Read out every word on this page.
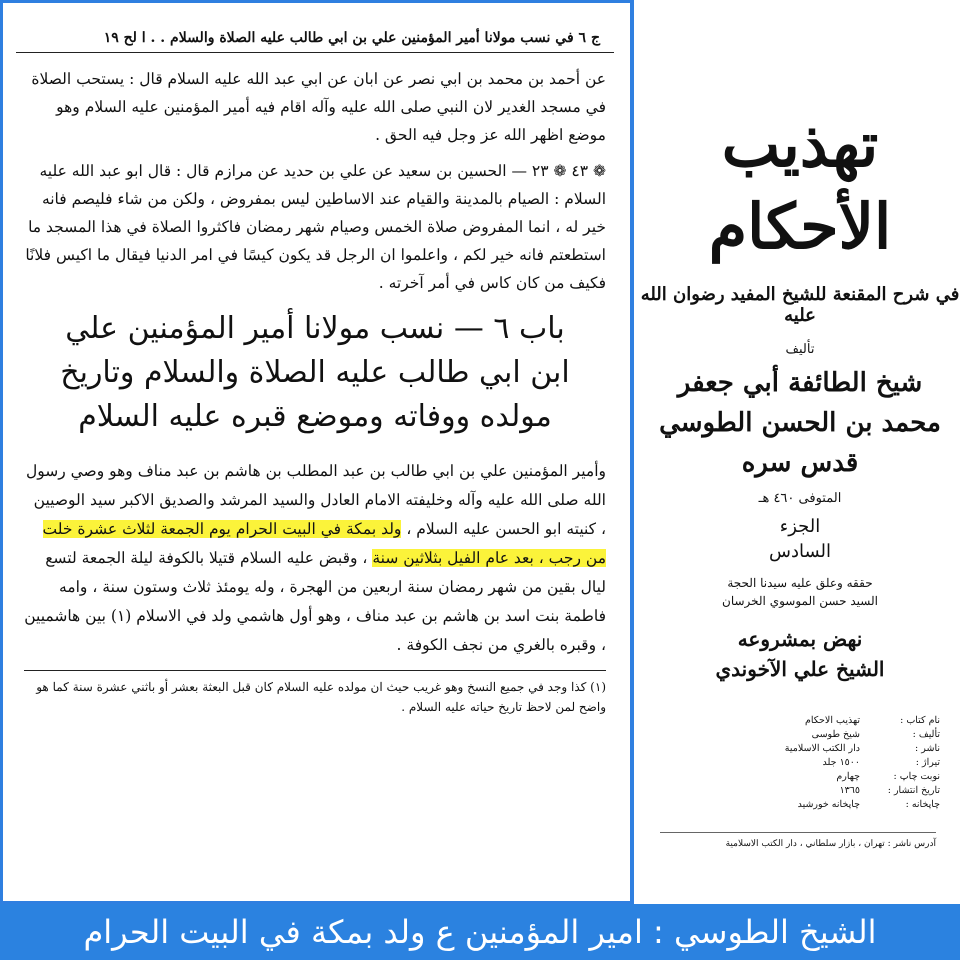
ج ٦ في نسب مولانا أمير المؤمنين علي بن ابي طالب عليه الصلاة والسلام . . ا لح ١٩
عن أحمد بن محمد بن ابي نصر عن ابان عن ابي عبد الله عليه السلام قال : يستحب الصلاة في مسجد الغدير لان النبي صلى الله عليه وآله اقام فيه أمير المؤمنين عليه السلام وهو موضع اظهر الله عز وجل فيه الحق .
❁ ٤٣ ❁ ٢٣ — الحسين بن سعيد عن علي بن حديد عن مرازم قال : قال ابو عبد الله عليه السلام : الصيام بالمدينة والقيام عند الاساطين ليس بمفروض ، ولكن من شاء فليصم فانه خير له ، انما المفروض صلاة الخمس وصيام شهر رمضان فاكثروا الصلاة في هذا المسجد ما استطعتم فانه خير لكم ، واعلموا ان الرجل قد يكون كيسًا في امر الدنيا فيقال ما اكيس فلانًا فكيف من كان كاس في أمر آخرته .
باب ٦ — نسب مولانا أمير المؤمنين علي ابن ابي طالب عليه الصلاة والسلام وتاريخ مولده ووفاته وموضع قبره عليه السلام
وأمير المؤمنين علي بن ابي طالب بن عبد المطلب بن هاشم بن عبد مناف وهو وصي رسول الله صلى الله عليه وآله وخليفته الامام العادل والسيد المرشد والصديق الاكبر سيد الوصيين ، كنيته ابو الحسن عليه السلام ، ولد بمكة في البيت الحرام يوم الجمعة لثلاث عشرة خلت من رجب ، بعد عام الفيل بثلاثين سنة ، وقبض عليه السلام قتيلا بالكوفة ليلة الجمعة لتسع ليال بقين من شهر رمضان سنة اربعين من الهجرة ، وله يومئذ ثلاث وستون سنة ، وامه فاطمة بنت اسد بن هاشم بن عبد مناف ، وهو أول هاشمي ولد في الاسلام (١) بين هاشميين ، وقبره بالغري من نجف الكوفة .
(١) كذا وجد في جميع النسخ وهو غريب حيث ان مولده عليه السلام كان قبل البعثة بعشر أو باثني عشرة سنة كما هو واضح لمن لاحظ تاريخ حياته عليه السلام .
تهذيب الأحكام
في شرح المقنعة للشيخ المفيد رضوان الله عليه
تأليف
شيخ الطائفة أبي جعفر محمد بن الحسن الطوسي قدس سره
المتوفى ٤٦٠ هـ
الجزء
السادس
حققه وعلق عليه سيدنا الحجة
السيد حسن الموسوي الخرسان
نهض بمشروعه
الشيخ علي الآخوندي
نام كتاب :
تهذيب الاحكام
تأليف :
شيخ طوسى
ناشر :
دار الكتب الاسلامية
تيراژ :
١٥٠٠ جلد
نوبت چاپ :
چهارم
تاريخ انتشار :
١٣٦٥
چاپخانه :
چاپخانه خورشيد
آدرس ناشر : تهران ، بازار سلطاني ، دار الكتب الاسلامية
الشيخ الطوسي : امير المؤمنين ع ولد بمكة في البيت الحرام
